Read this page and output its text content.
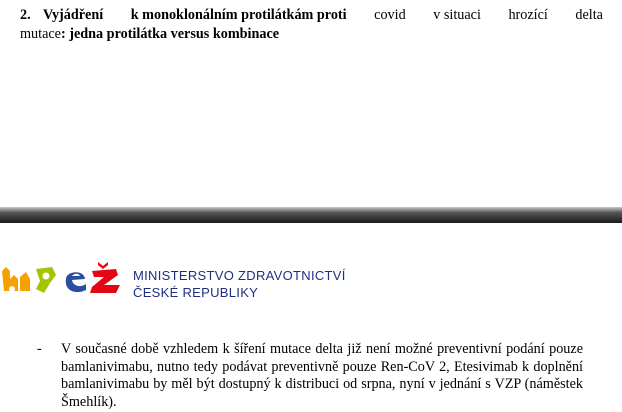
2. Vyjádření k monoklonálním protilátkám proti covid v situaci hrozící delta
mutace: jedna protilátka versus kombinace
MINISTERSTVO ZDRAVOTNICTVÍ
ČESKÉ REPUBLIKY
-	V současné době vzhledem k šíření mutace delta již není možné preventivní podání pouze bamlanivimabu, nutno tedy podávat preventivně pouze Ren-CoV 2, Etesivimab k doplnění bamlanivimabu by měl být dostupný k distribuci od srpna, nyní v jednání s VZP (náměstek Šmehlík).
